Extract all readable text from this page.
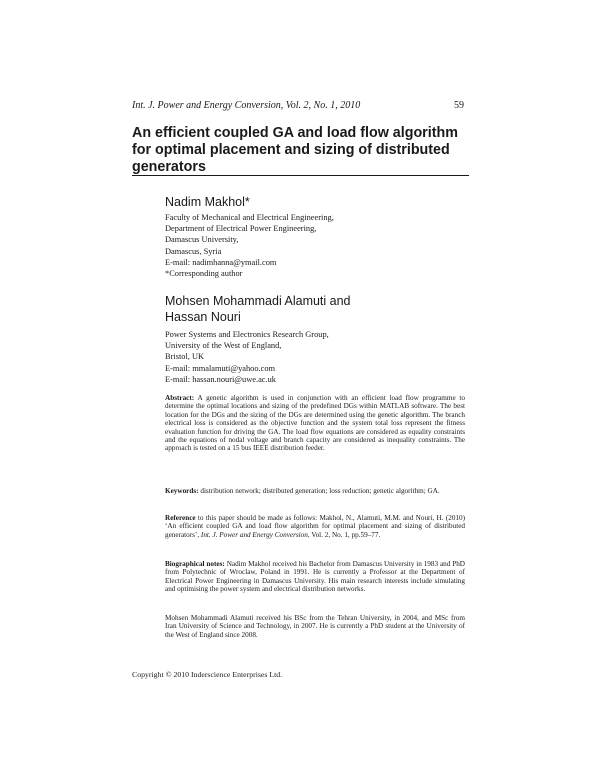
Int. J. Power and Energy Conversion, Vol. 2, No. 1, 2010	59
An efficient coupled GA and load flow algorithm for optimal placement and sizing of distributed generators
Nadim Makhol*
Faculty of Mechanical and Electrical Engineering,
Department of Electrical Power Engineering,
Damascus University,
Damascus, Syria
E-mail: nadimhanna@ymail.com
*Corresponding author
Mohsen Mohammadi Alamuti and
Hassan Nouri
Power Systems and Electronics Research Group,
University of the West of England,
Bristol, UK
E-mail: mmalamuti@yahoo.com
E-mail: hassan.nouri@uwe.ac.uk

Abstract: A genetic algorithm is used in conjunction with an efficient load flow programme to determine the optimal locations and sizing of the predefined DGs within MATLAB software. The best location for the DGs and the sizing of the DGs are determined using the genetic algorithm. The branch electrical loss is considered as the objective function and the system total loss represent the fitness evaluation function for driving the GA. The load flow equations are considered as equality constraints and the equations of nodal voltage and branch capacity are considered as inequality constraints. The approach is tested on a 15 bus IEEE distribution feeder.

Keywords: distribution network; distributed generation; loss reduction; genetic algorithm; GA.

Reference to this paper should be made as follows: Makhol, N., Alamuti, M.M. and Nouri, H. (2010) ‘An efficient coupled GA and load flow algorithm for optimal placement and sizing of distributed generators’, Int. J. Power and Energy Conversion, Vol. 2, No. 1, pp.59–77.

Biographical notes: Nadim Makhol received his Bachelor from Damascus University in 1983 and PhD from Polytechnic of Wroclaw, Poland in 1991. He is currently a Professor at the Department of Electrical Power Engineering in Damascus University. His main research interests include simulating and optimising the power system and electrical distribution networks.

Mohsen Mohammadi Alamuti received his BSc from the Tehran University, in 2004, and MSc from Iran University of Science and Technology, in 2007. He is currently a PhD student at the University of the West of England since 2008.

Copyright © 2010 Inderscience Enterprises Ltd.
